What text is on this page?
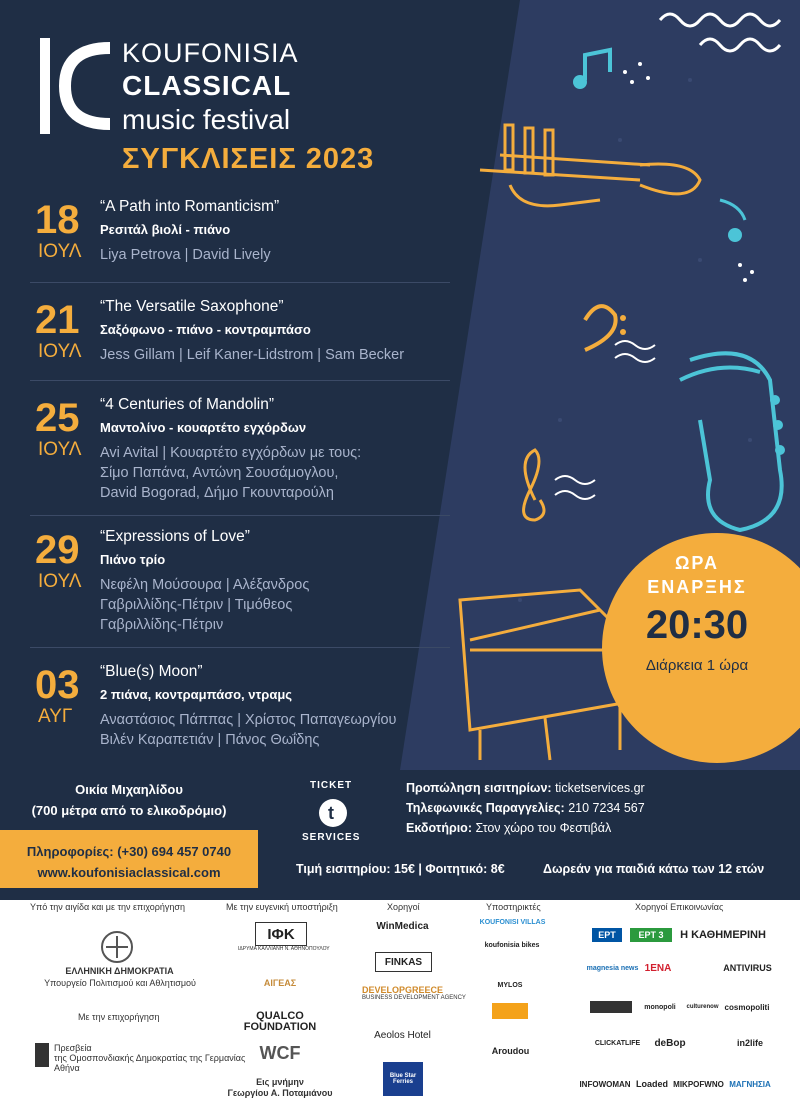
KOUFONISIA
CLASSICAL
music festival
ΣΥΓΚΛΙΣΕΙΣ 2023
18
ΙΟΥΛ
“A Path into Romanticism”
Ρεσιτάλ βιολί - πιάνο
Liya Petrova | David Lively
21
ΙΟΥΛ
“The Versatile Saxophone”
Σαξόφωνο - πιάνο - κοντραμπάσο
Jess Gillam | Leif Kaner-Lidstrom | Sam Becker
25
ΙΟΥΛ
“4 Centuries of Mandolin”
Μαντολίνο - κουαρτέτο εγχόρδων
Avi Avital | Κουαρτέτο εγχόρδων με τους:
Σίμο Παπάνα, Αντώνη Σουσάμογλου,
David Bogorad, Δήμο Γκουνταρούλη
29
ΙΟΥΛ
“Expressions of Love”
Πιάνο τρίο
Νεφέλη Μούσουρα | Αλέξανδρος
Γαβριλλίδης-Πέτριν | Τιμόθεος
Γαβριλλίδης-Πέτριν
03
ΑΥΓ
“Blue(s) Moon”
2 πιάνα, κοντραμπάσο, ντραμς
Αναστάσιος Πάππας | Χρίστος Παπαγεωργίου
Βιλέν Καραπετιάν | Πάνος Θωΐδης
ΩΡΑ
ΕΝΑΡΞΗΣ
20:30
Διάρκεια 1 ώρα
Οικία Μιχαηλίδου
(700 μέτρα από το ελικοδρόμιο)
Πληροφορίες: (+30) 694 457 0740
www.koufonisiaclassical.com
TICKET
t
SERVICES
Προπώληση εισιτηρίων: ticketservices.gr
Τηλεφωνικές Παραγγελίες: 210 7234 567
Εκδοτήριο: Στον χώρο του Φεστιβάλ
Τιμή εισιτηρίου: 15€ | Φοιτητικό: 8€	Δωρεάν για παιδιά κάτω των 12 ετών
Υπό την αιγίδα και με την επιχορήγηση
ΕΛΛΗΝΙΚΗ ΔΗΜΟΚΡΑΤΙΑ
Υπουργείο Πολιτισμού και Αθλητισμού
Με την επιχορήγηση
Πρεσβεία
της Ομοσπονδιακής Δημοκρατίας της Γερμανίας
Αθήνα
Με την ευγενική υποστήριξη
ΙΦΚ
ΙΔΡΥΜΑ ΚΑΛΛΙΑΝΗ Ν. ΑΘΗΝΟΠΟΥΛΟΥ
ΑΙΓΕΑΣ
QUALCO
FOUNDATION
WCF
Εις μνήμην
Γεωργίου Α. Ποταμιάνου
Χορηγοί
WinMedica
FINKAS
DEVELOPGREECE
BUSINESS DEVELOPMENT AGENCY
Aeolos Hotel
Blue Star Ferries
Υποστηρικτές
KOUFONISI VILLAS
koufonisia bikes
MYLOS
Aroudou
Χορηγοί Επικοινωνίας
ΕΡΤ	ΕΡΤ 3	Η ΚΑΘΗΜΕΡΙΝΗ
magnesia news 1ΕΝΑ	ANTIVIRUS
monopoli	culturenow cosmopoliti
CLICKATLIFE	deBop	in2life
INFOWOMAN Loaded ΜΙΚΡΟFWNO ΜΑΓΝΗΣΙΑ
